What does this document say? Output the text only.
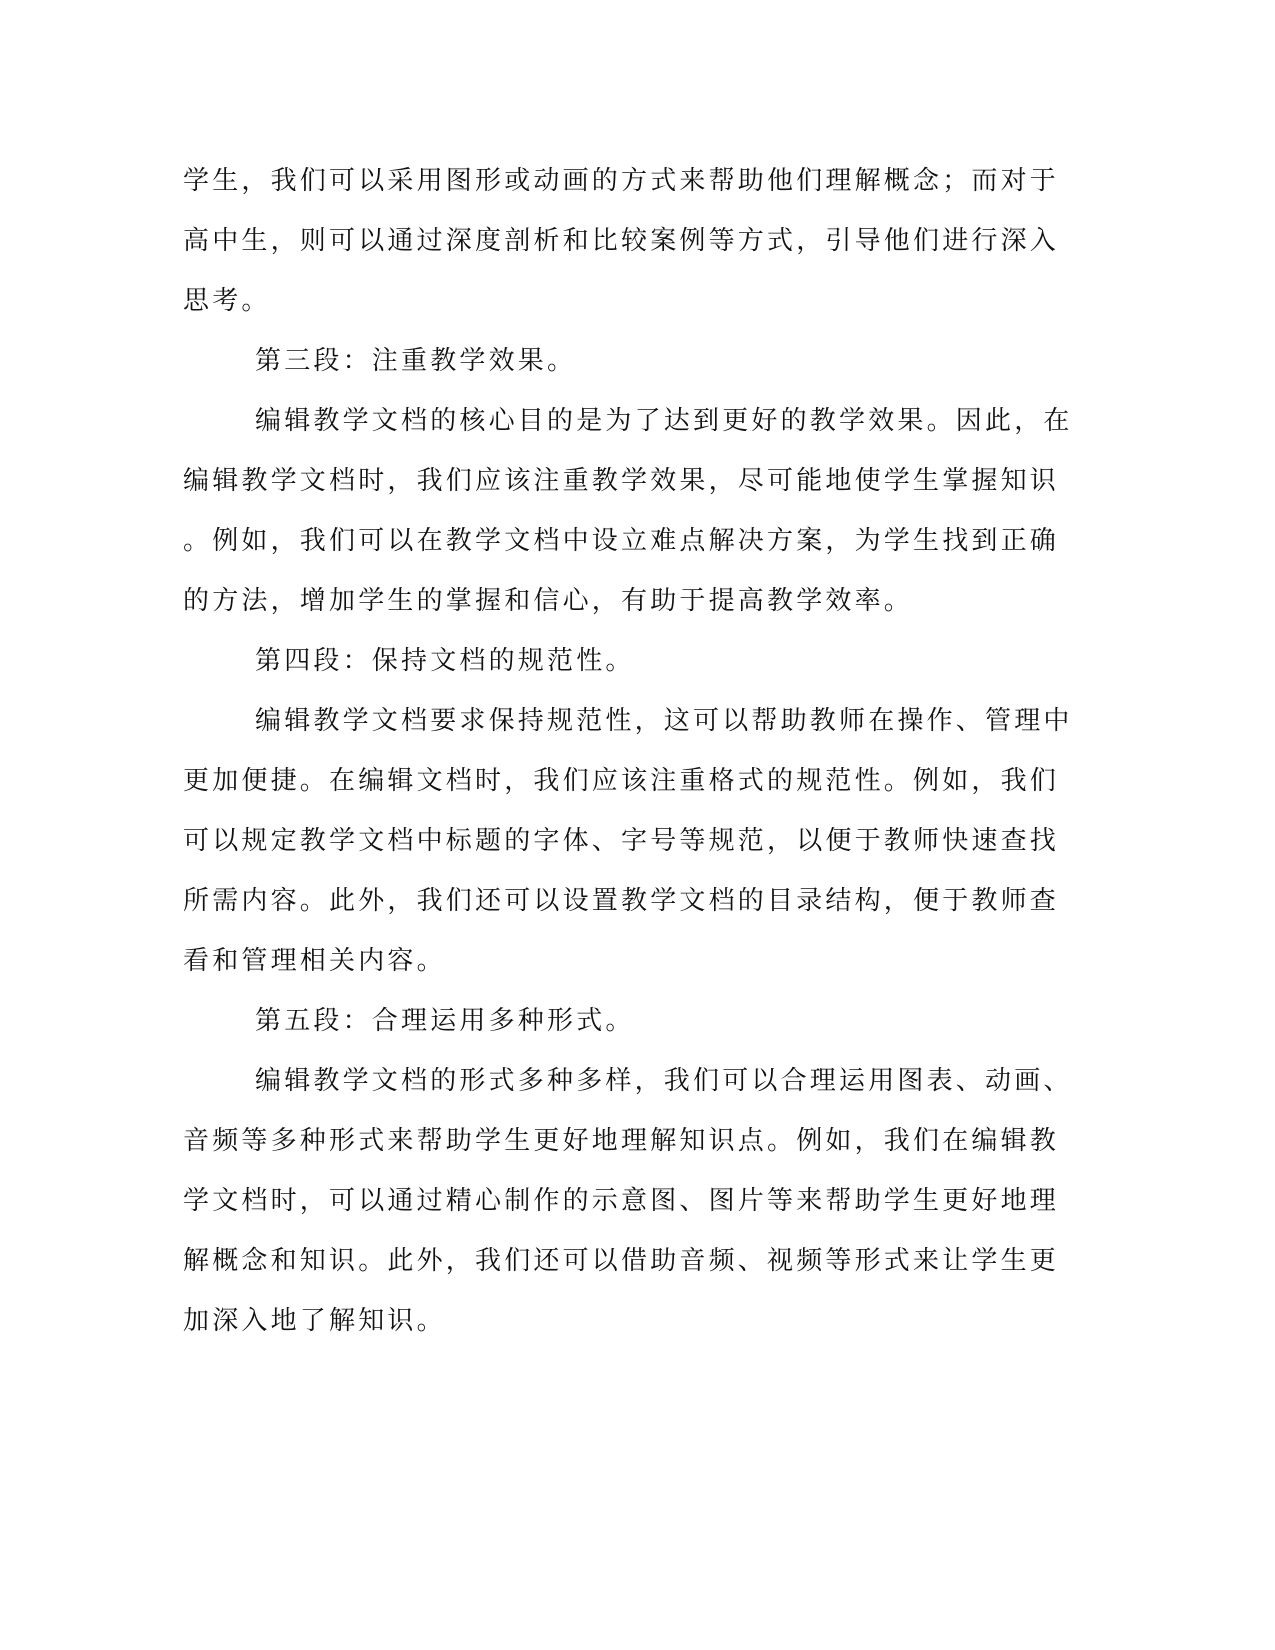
学生，我们可以采用图形或动画的方式来帮助他们理解概念；而对于
高中生，则可以通过深度剖析和比较案例等方式，引导他们进行深入
思考。
第三段：注重教学效果。
编辑教学文档的核心目的是为了达到更好的教学效果。因此，在
编辑教学文档时，我们应该注重教学效果，尽可能地使学生掌握知识
。例如，我们可以在教学文档中设立难点解决方案，为学生找到正确
的方法，增加学生的掌握和信心，有助于提高教学效率。
第四段：保持文档的规范性。
编辑教学文档要求保持规范性，这可以帮助教师在操作、管理中
更加便捷。在编辑文档时，我们应该注重格式的规范性。例如，我们
可以规定教学文档中标题的字体、字号等规范，以便于教师快速查找
所需内容。此外，我们还可以设置教学文档的目录结构，便于教师查
看和管理相关内容。
第五段：合理运用多种形式。
编辑教学文档的形式多种多样，我们可以合理运用图表、动画、
音频等多种形式来帮助学生更好地理解知识点。例如，我们在编辑教
学文档时，可以通过精心制作的示意图、图片等来帮助学生更好地理
解概念和知识。此外，我们还可以借助音频、视频等形式来让学生更
加深入地了解知识。
